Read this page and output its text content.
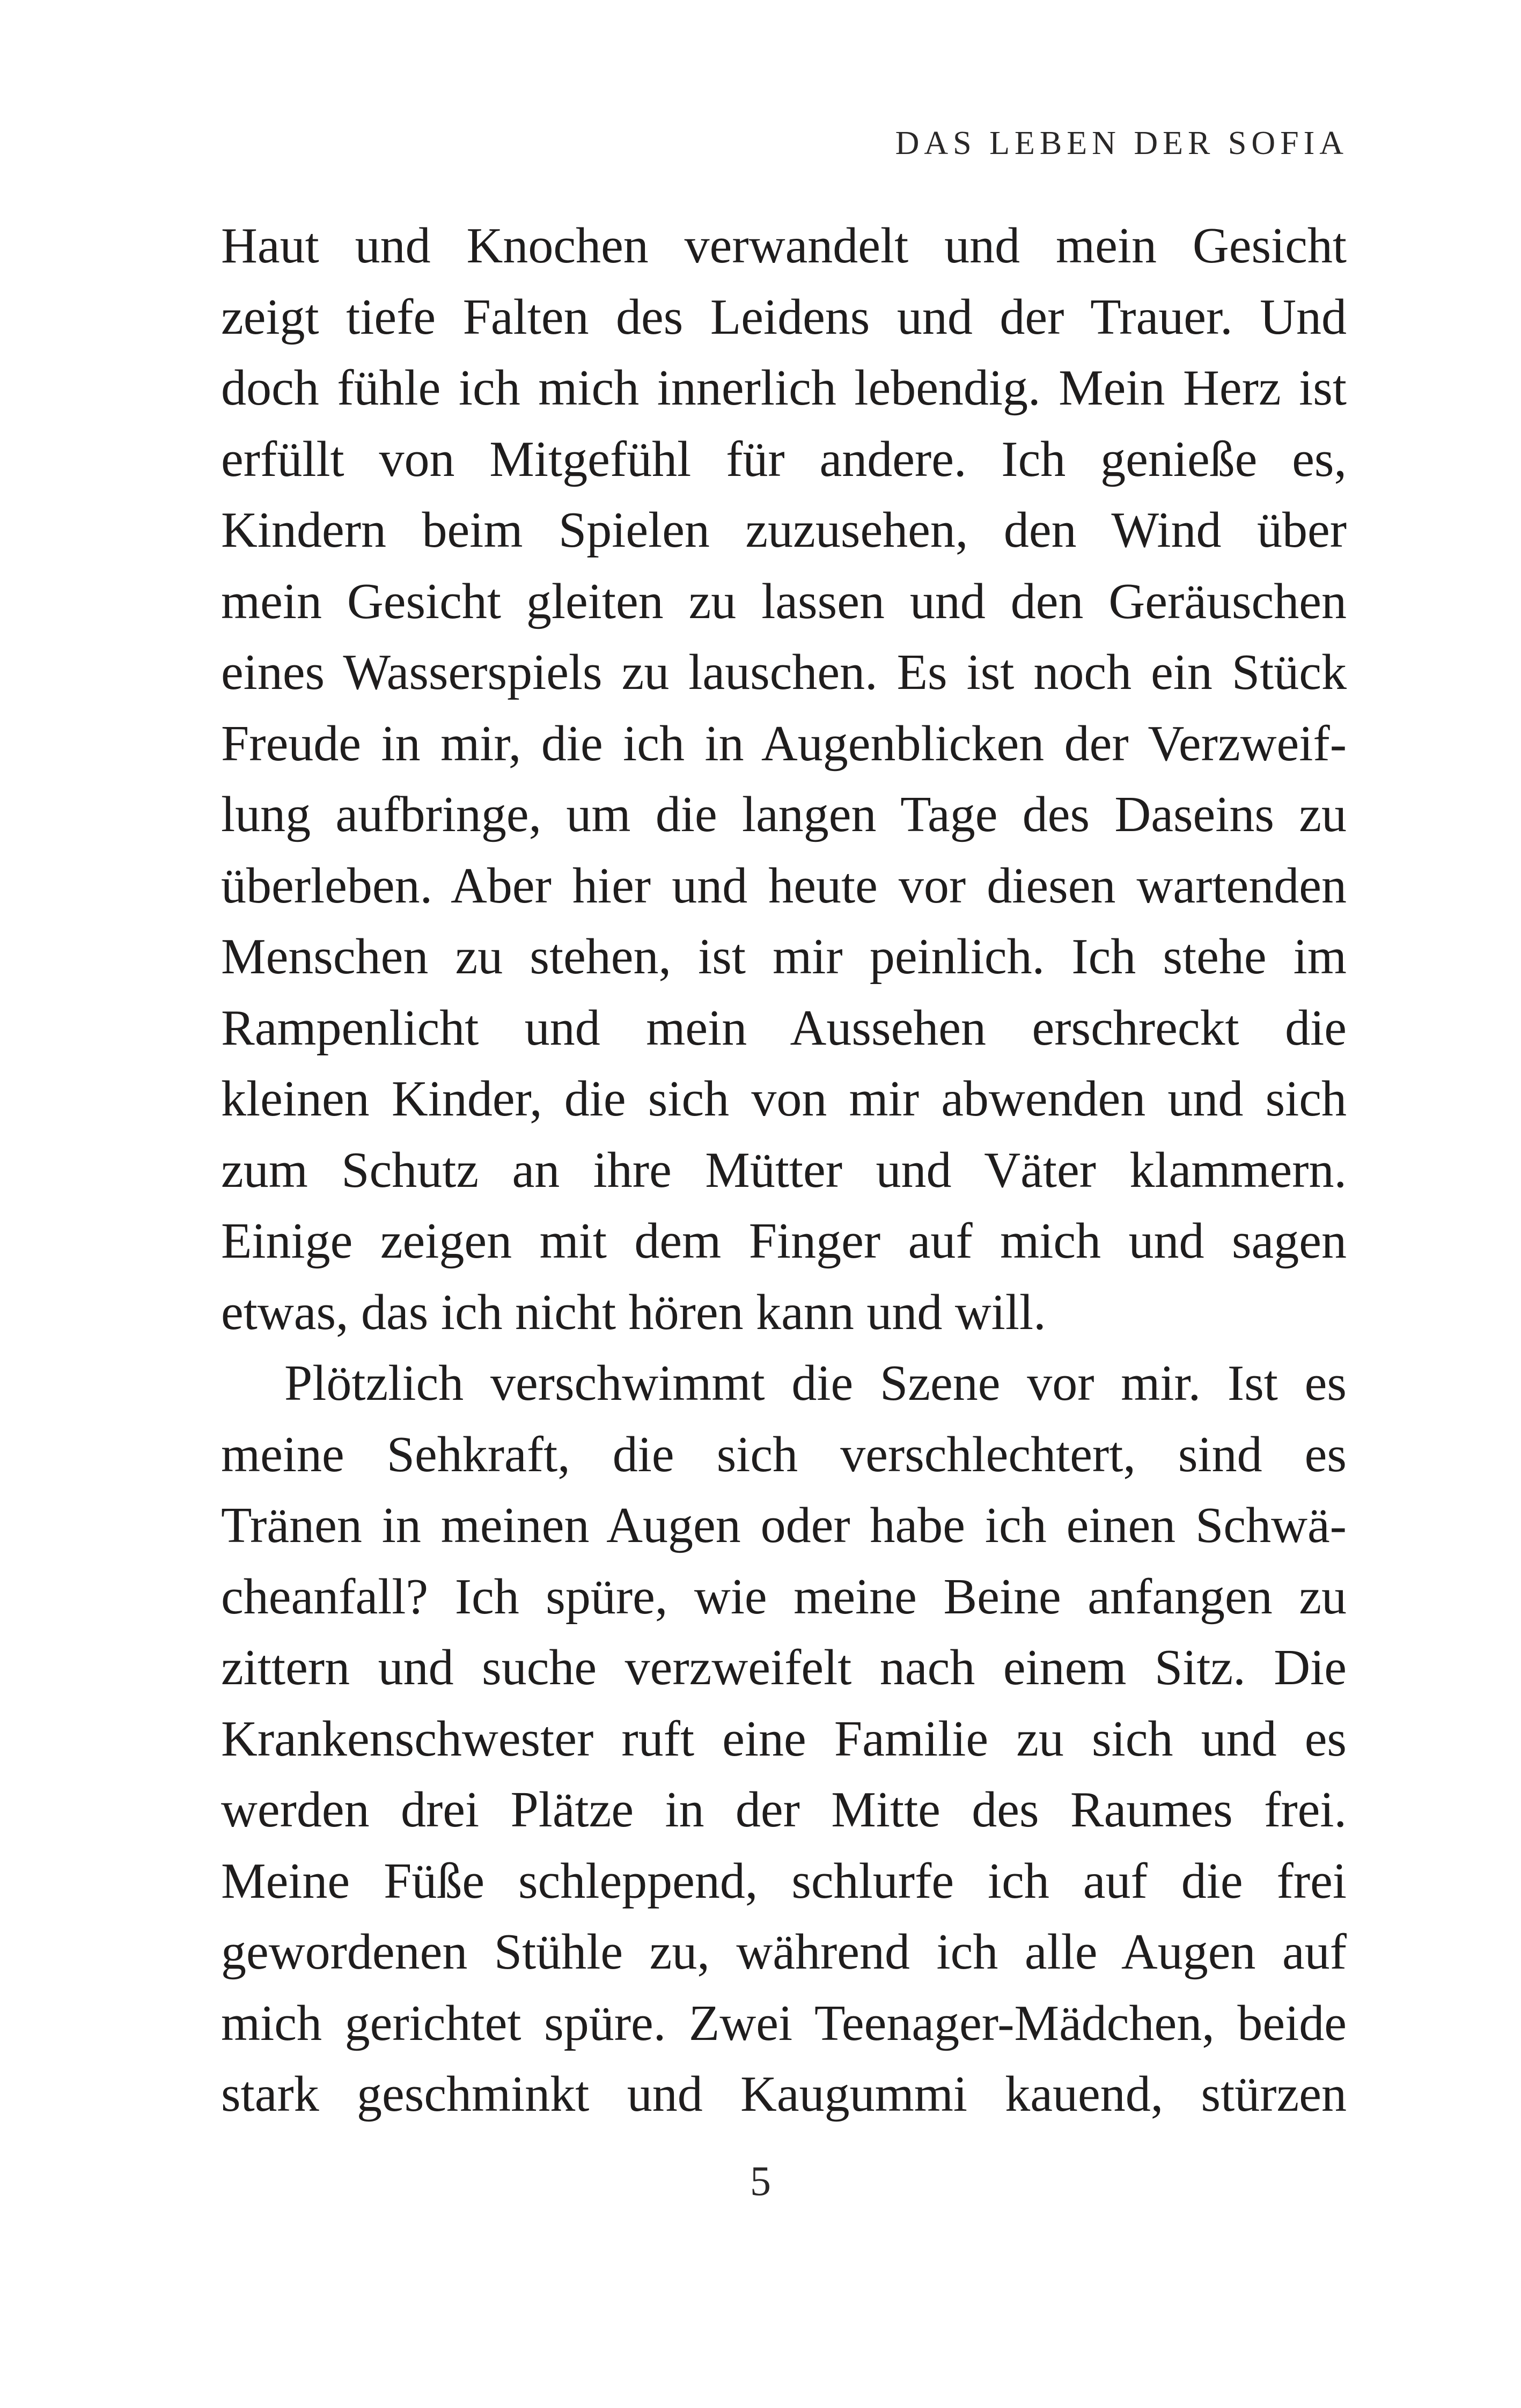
DAS LEBEN DER SOFIA
Haut und Knochen verwandelt und mein Gesicht
zeigt tiefe Falten des Leidens und der Trauer. Und
doch fühle ich mich innerlich lebendig. Mein Herz ist
erfüllt von Mitgefühl für andere. Ich genieße es,
Kindern beim Spielen zuzusehen, den Wind über
mein Gesicht gleiten zu lassen und den Geräuschen
eines Wasserspiels zu lauschen. Es ist noch ein Stück
Freude in mir, die ich in Augenblicken der Verzweif-
lung aufbringe, um die langen Tage des Daseins zu
überleben. Aber hier und heute vor diesen wartenden
Menschen zu stehen, ist mir peinlich. Ich stehe im
Rampenlicht und mein Aussehen erschreckt die
kleinen Kinder, die sich von mir abwenden und sich
zum Schutz an ihre Mütter und Väter klammern.
Einige zeigen mit dem Finger auf mich und sagen
etwas, das ich nicht hören kann und will.
Plötzlich verschwimmt die Szene vor mir. Ist es
meine Sehkraft, die sich verschlechtert, sind es
Tränen in meinen Augen oder habe ich einen Schwä-
cheanfall? Ich spüre, wie meine Beine anfangen zu
zittern und suche verzweifelt nach einem Sitz. Die
Krankenschwester ruft eine Familie zu sich und es
werden drei Plätze in der Mitte des Raumes frei.
Meine Füße schleppend, schlurfe ich auf die frei
gewordenen Stühle zu, während ich alle Augen auf
mich gerichtet spüre. Zwei Teenager-Mädchen, beide
stark geschminkt und Kaugummi kauend, stürzen
5
